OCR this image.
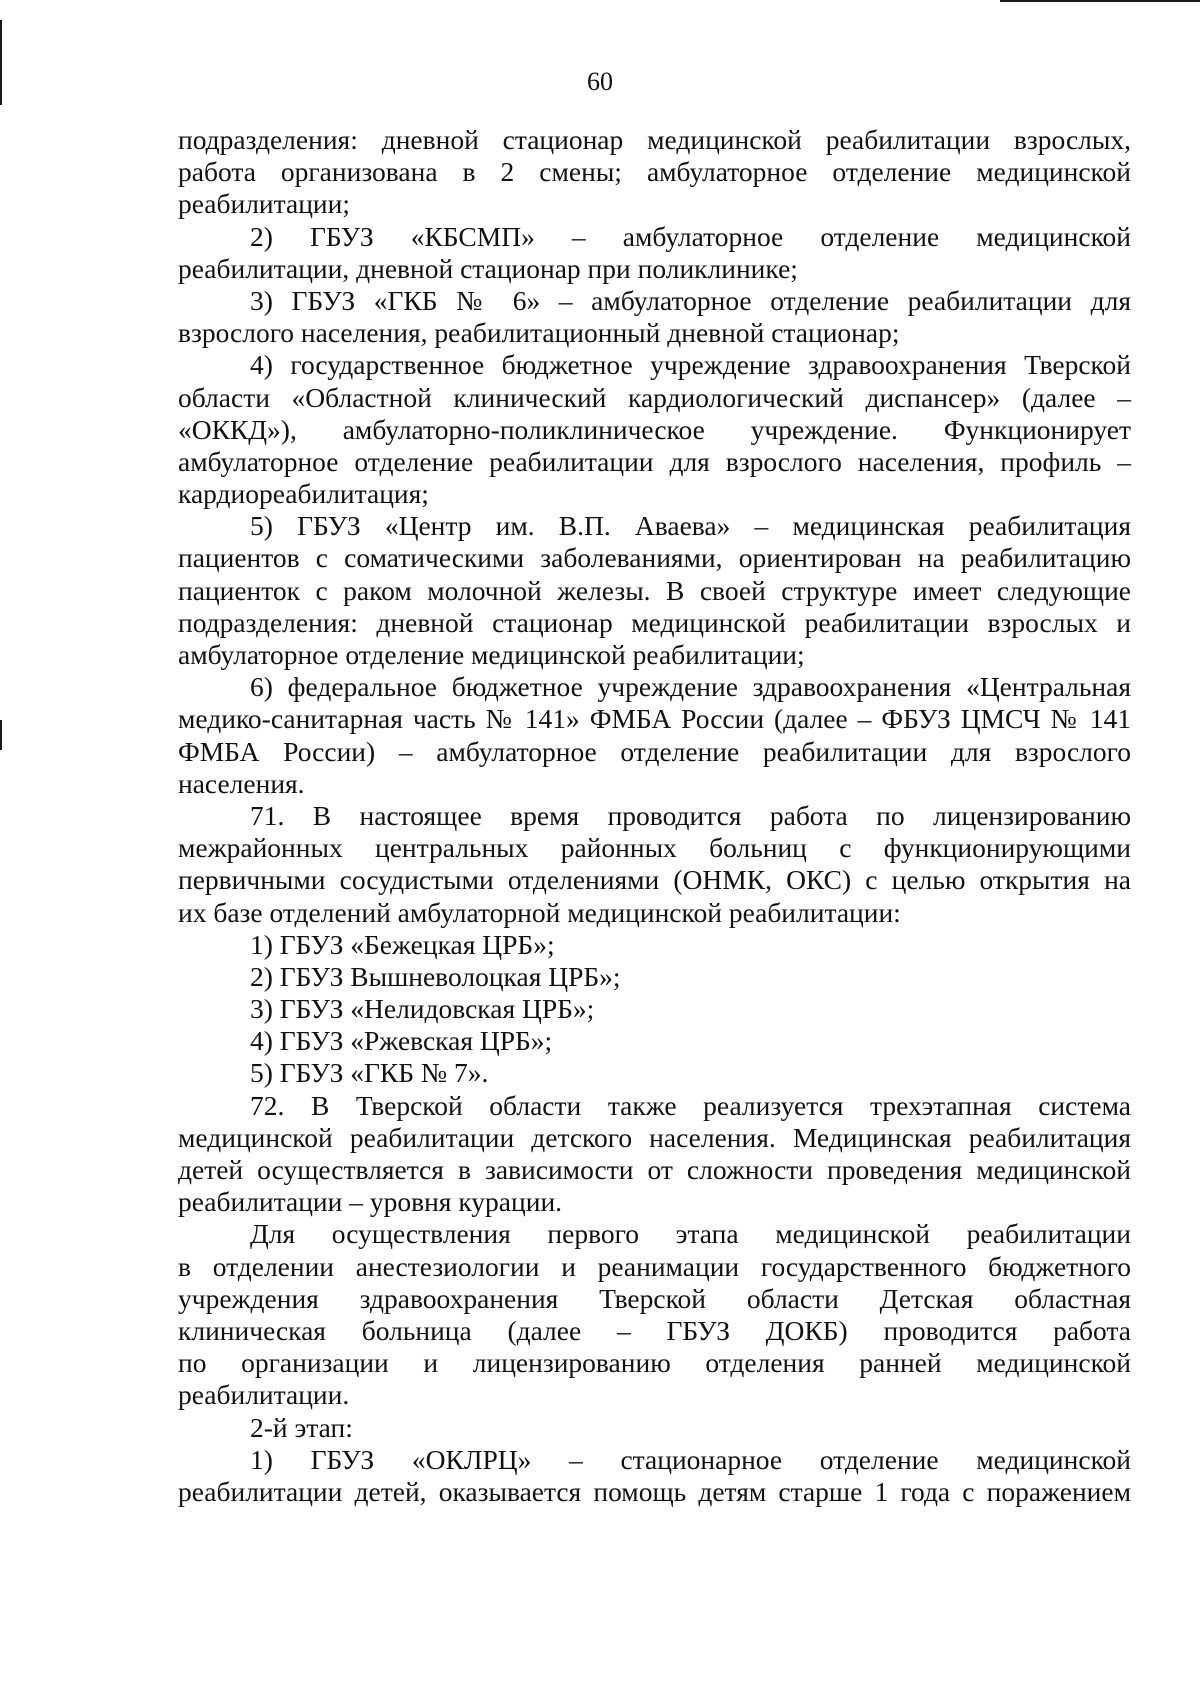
60
подразделения: дневной стационар медицинской реабилитации взрослых,
работа организована в 2 смены; амбулаторное отделение медицинской
реабилитации;
2) ГБУЗ «КБСМП» – амбулаторное отделение медицинской
реабилитации, дневной стационар при поликлинике;
3) ГБУЗ «ГКБ № 6» – амбулаторное отделение реабилитации для
взрослого населения, реабилитационный дневной стационар;
4) государственное бюджетное учреждение здравоохранения Тверской
области «Областной клинический кардиологический диспансер» (далее –
«ОККД»), амбулаторно-поликлиническое учреждение. Функционирует
амбулаторное отделение реабилитации для взрослого населения, профиль –
кардиореабилитация;
5) ГБУЗ «Центр им. В.П. Аваева» – медицинская реабилитация
пациентов с соматическими заболеваниями, ориентирован на реабилитацию
пациенток с раком молочной железы. В своей структуре имеет следующие
подразделения: дневной стационар медицинской реабилитации взрослых и
амбулаторное отделение медицинской реабилитации;
6) федеральное бюджетное учреждение здравоохранения «Центральная
медико-санитарная часть № 141» ФМБА России (далее – ФБУЗ ЦМСЧ № 141
ФМБА России) – амбулаторное отделение реабилитации для взрослого
населения.
71. В настоящее время проводится работа по лицензированию
межрайонных центральных районных больниц с функционирующими
первичными сосудистыми отделениями (ОНМК, ОКС) с целью открытия на
их базе отделений амбулаторной медицинской реабилитации:
1) ГБУЗ «Бежецкая ЦРБ»;
2) ГБУЗ Вышневолоцкая ЦРБ»;
3) ГБУЗ «Нелидовская ЦРБ»;
4) ГБУЗ «Ржевская ЦРБ»;
5) ГБУЗ «ГКБ № 7».
72. В Тверской области также реализуется трехэтапная система
медицинской реабилитации детского населения. Медицинская реабилитация
детей осуществляется в зависимости от сложности проведения медицинской
реабилитации – уровня курации.
Для осуществления первого этапа медицинской реабилитации
в отделении анестезиологии и реанимации государственного бюджетного
учреждения здравоохранения Тверской области Детская областная
клиническая больница (далее – ГБУЗ ДОКБ) проводится работа
по организации и лицензированию отделения ранней медицинской
реабилитации.
2-й этап:
1) ГБУЗ «ОКЛРЦ» – стационарное отделение медицинской
реабилитации детей, оказывается помощь детям старше 1 года с поражением
